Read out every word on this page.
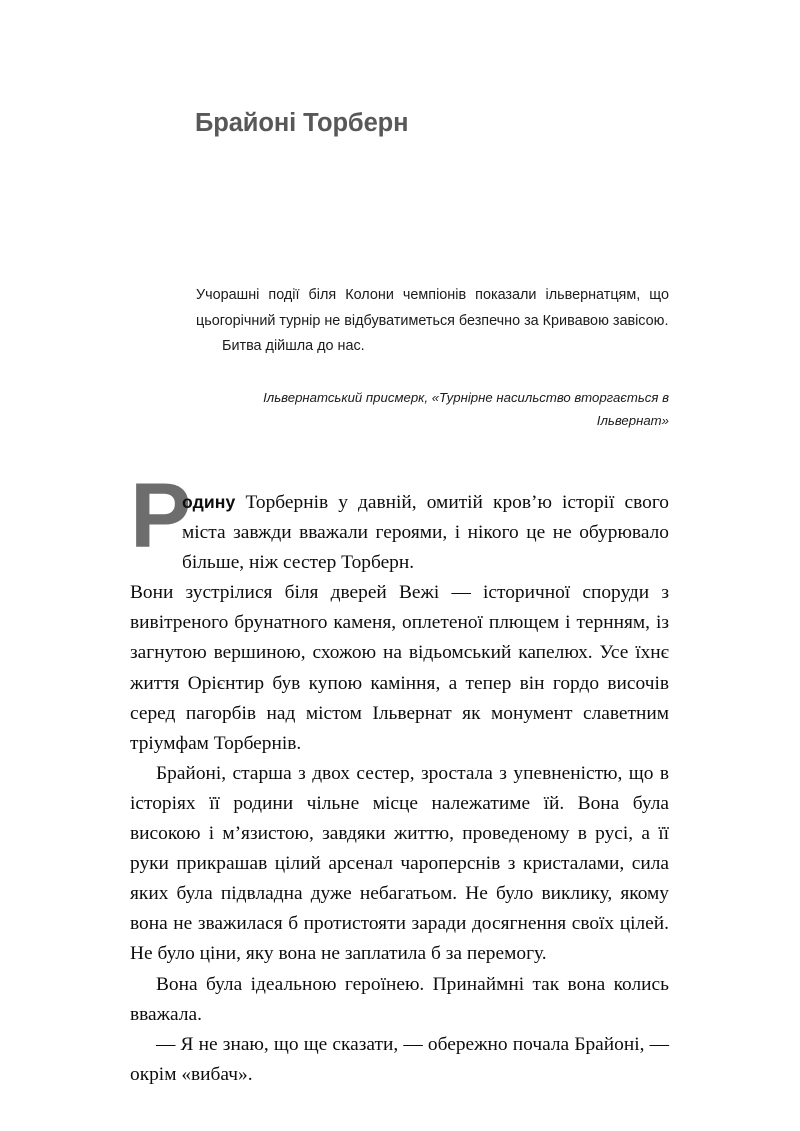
Брайоні Торберн

Учорашні події біля Колони чемпіонів показали ільвернатцям, що цьогорічний турнір не відбуватиметься безпечно за Кривавою завісою.

Битва дійшла до нас.

Ільвернатський присмерк, «Турнірне насильство вторгається в Ільвернат»
Р

одину Торбернів у давній, омитій кров’ю історії свого міста завжди вважали героями, і нікого це не обурювало більше, ніж сестер Торберн.

Вони зустрілися біля дверей Вежі — історичної споруди з вивітреного брунатного каменя, оплетеної плющем і тернням, із загнутою вершиною, схожою на відьомський капелюх. Усе їхнє життя Орієнтир був купою каміння, а тепер він гордо височів серед пагорбів над містом Ільвернат як монумент славетним тріумфам Торбернів.

Брайоні, старша з двох сестер, зростала з упевненістю, що в історіях її родини чільне місце належатиме їй. Вона була високою і м’язистою, завдяки життю, проведеному в русі, а її руки прикрашав цілий арсенал чароперснів з кристалами, сила яких була підвладна дуже небагатьом. Не було виклику, якому вона не зважилася б протистояти заради досягнення своїх цілей. Не було ціни, яку вона не заплатила б за перемогу.

Вона була ідеальною героїнею. Принаймні так вона колись вважала.

— Я не знаю, що ще сказати, — обережно почала Брайоні, — окрім «вибач».
